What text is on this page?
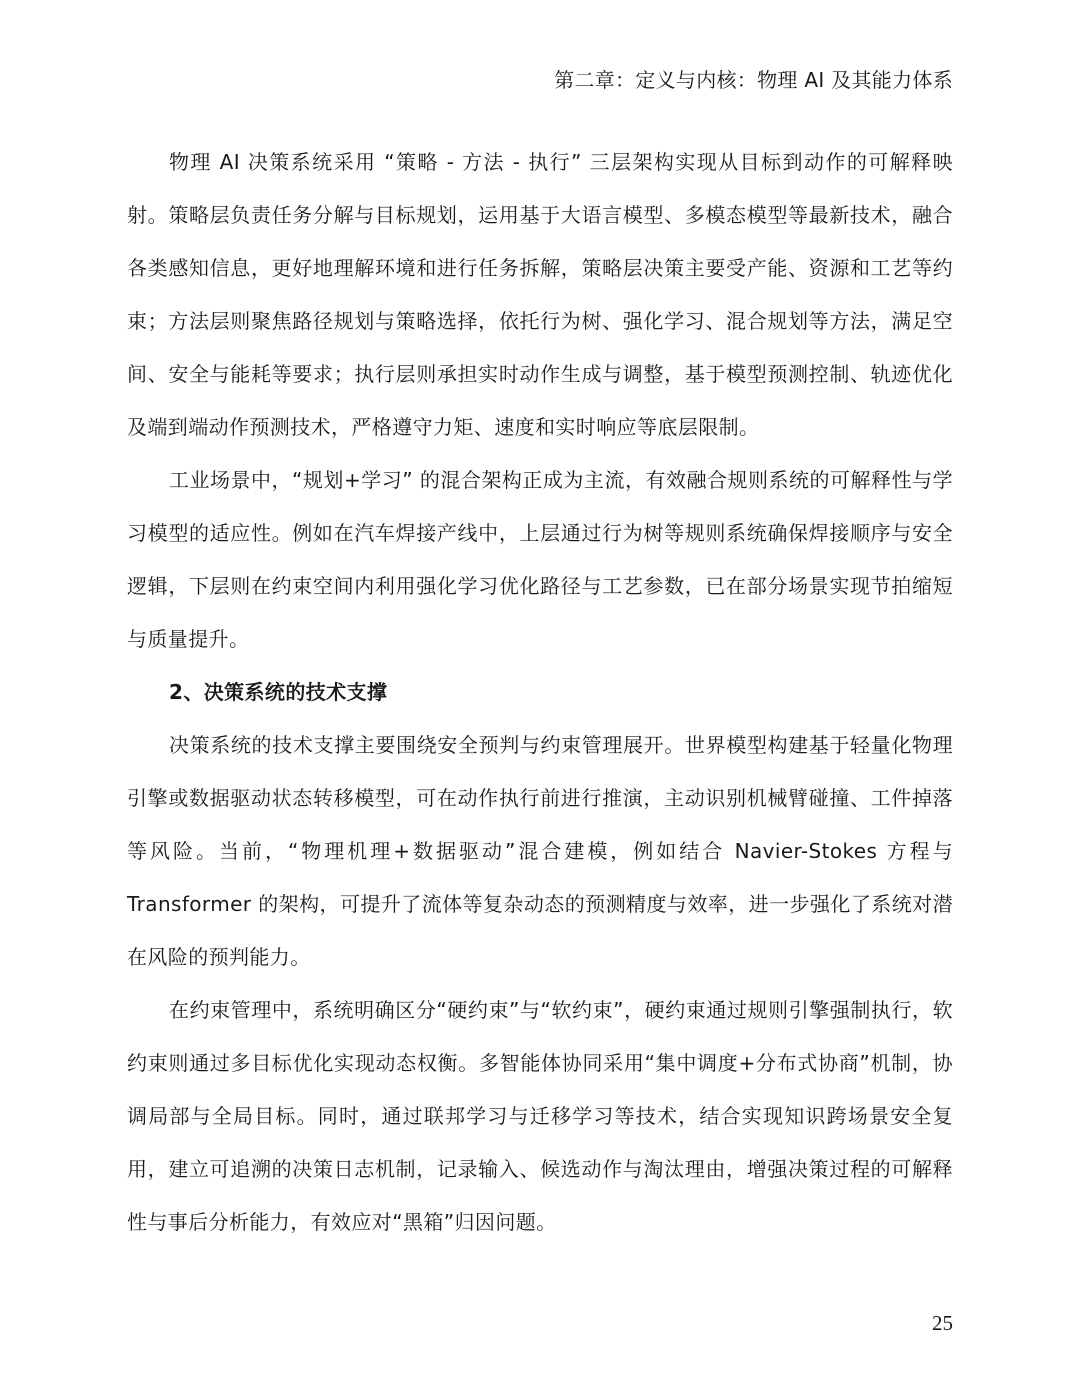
第二章：定义与内核：物理 AI 及其能力体系

物理 AI 决策系统采用 “策略 - 方法 - 执行” 三层架构实现从目标到动作的可解释映射。策略层负责任务分解与目标规划，运用基于大语言模型、多模态模型等最新技术，融合各类感知信息，更好地理解环境和进行任务拆解，策略层决策主要受产能、资源和工艺等约束；方法层则聚焦路径规划与策略选择，依托行为树、强化学习、混合规划等方法，满足空间、安全与能耗等要求；执行层则承担实时动作生成与调整，基于模型预测控制、轨迹优化及端到端动作预测技术，严格遵守力矩、速度和实时响应等底层限制。

工业场景中，“规划+学习” 的混合架构正成为主流，有效融合规则系统的可解释性与学习模型的适应性。例如在汽车焊接产线中，上层通过行为树等规则系统确保焊接顺序与安全逻辑，下层则在约束空间内利用强化学习优化路径与工艺参数，已在部分场景实现节拍缩短与质量提升。

2、决策系统的技术支撑

决策系统的技术支撑主要围绕安全预判与约束管理展开。世界模型构建基于轻量化物理引擎或数据驱动状态转移模型，可在动作执行前进行推演，主动识别机械臂碰撞、工件掉落等风险。当前，“物理机理+数据驱动”混合建模，例如结合 Navier-Stokes 方程与 Transformer 的架构，可提升了流体等复杂动态的预测精度与效率，进一步强化了系统对潜在风险的预判能力。

在约束管理中，系统明确区分“硬约束”与“软约束”，硬约束通过规则引擎强制执行，软约束则通过多目标优化实现动态权衡。多智能体协同采用“集中调度+分布式协商”机制，协调局部与全局目标。同时，通过联邦学习与迁移学习等技术，结合实现知识跨场景安全复用，建立可追溯的决策日志机制，记录输入、候选动作与淘汰理由，增强决策过程的可解释性与事后分析能力，有效应对“黑箱”归因问题。

25
